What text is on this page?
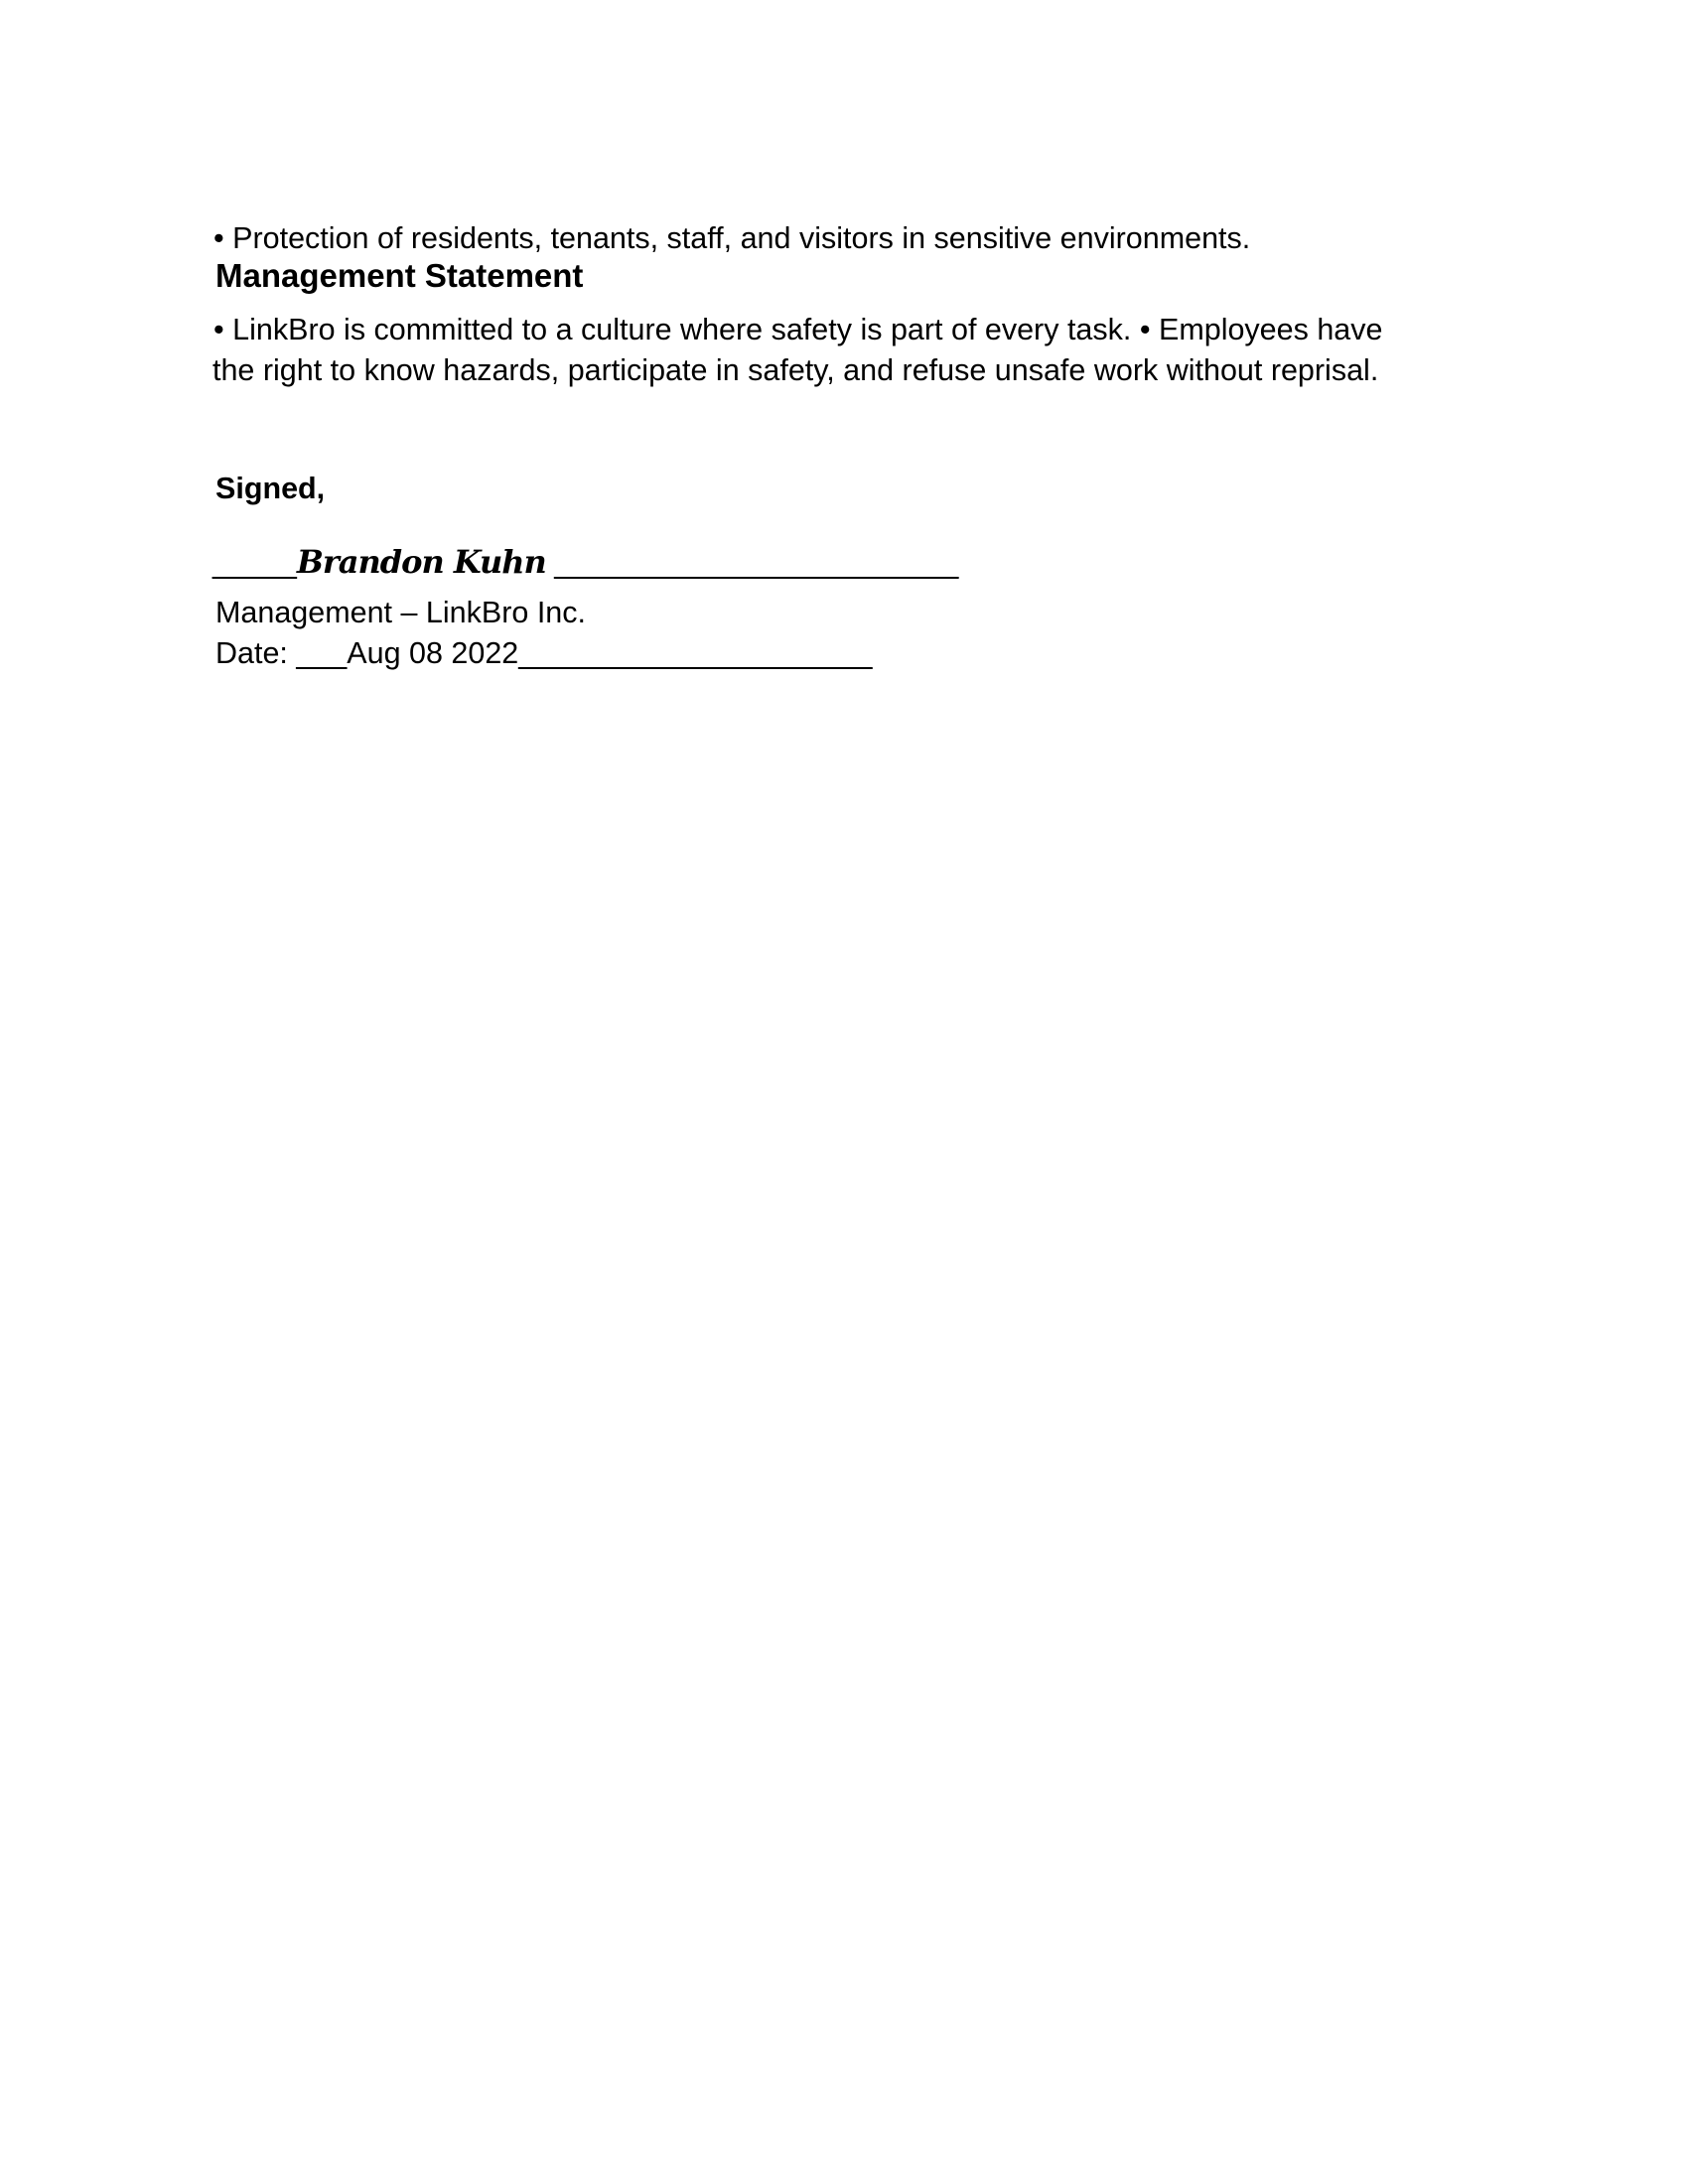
• Protection of residents, tenants, staff, and visitors in sensitive environments.
Management Statement
• LinkBro is committed to a culture where safety is part of every task. • Employees have
the right to know hazards, participate in safety, and refuse unsafe work without reprisal.
Signed,
_____Brandon Kuhn ________________________
Management – LinkBro Inc.
Date: ___Aug 08 2022_____________________
